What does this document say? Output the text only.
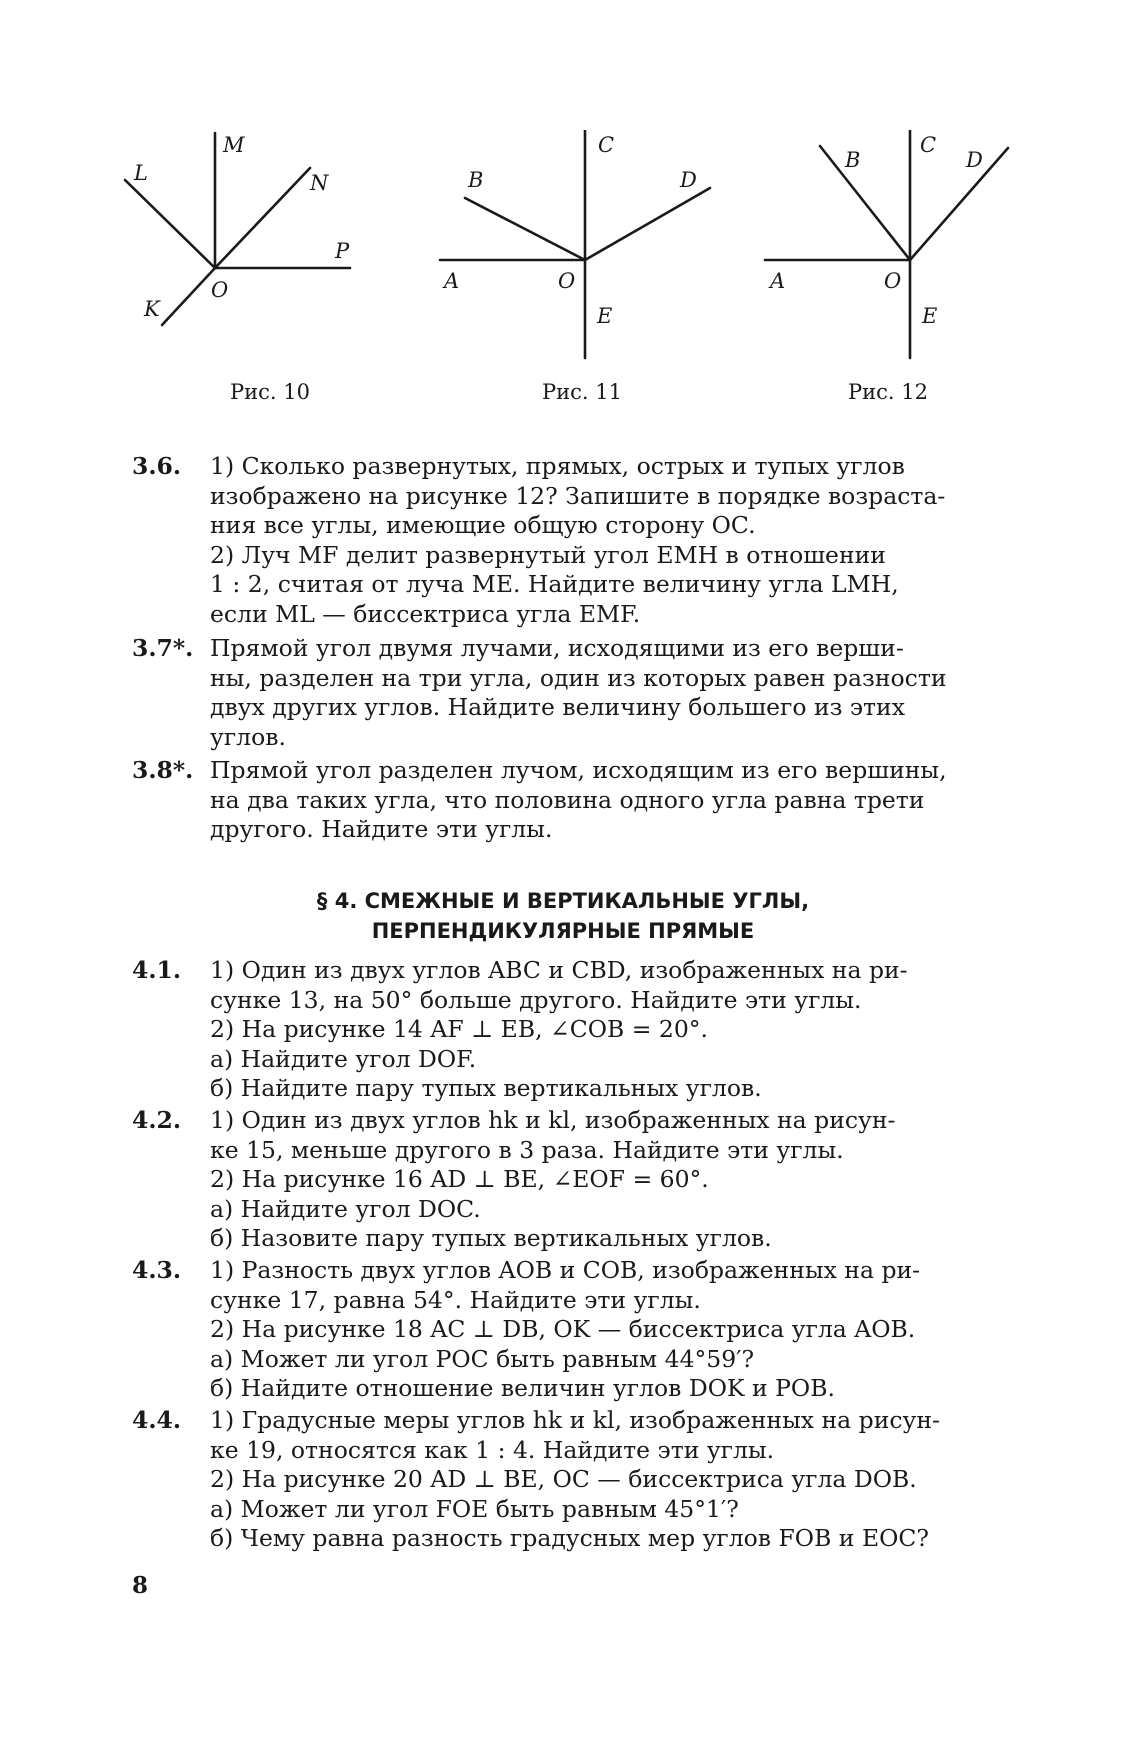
M
L	N
P
K
O
Рис. 10
C
B	D
A	O
E
Рис. 11
B
C
D
A	O
E
Рис. 12
3.6. 1) Сколько развернутых, прямых, острых и тупых углов
изображено на рисунке 12? Запишите в порядке возраста-
ния все углы, имеющие общую сторону OC.
2) Луч MF делит развернутый угол EMH в отношении
1 : 2, считая от луча ME. Найдите величину угла LMH,
если ML — биссектриса угла EMF.
3.7*. Прямой угол двумя лучами, исходящими из его верши-
ны, разделен на три угла, один из которых равен разности
двух других углов. Найдите величину большего из этих
углов.
3.8*. Прямой угол разделен лучом, исходящим из его вершины,
на два таких угла, что половина одного угла равна трети
другого. Найдите эти углы.
§ 4. СМЕЖНЫЕ И ВЕРТИКАЛЬНЫЕ УГЛЫ,
ПЕРПЕНДИКУЛЯРНЫЕ ПРЯМЫЕ
4.1. 1) Один из двух углов ABC и CBD, изображенных на ри-
сунке 13, на 50° больше другого. Найдите эти углы.
2) На рисунке 14 AF ⊥ EB, ∠COB = 20°.
а) Найдите угол DOF.
б) Найдите пару тупых вертикальных углов.
4.2. 1) Один из двух углов hk и kl, изображенных на рисун-
ке 15, меньше другого в 3 раза. Найдите эти углы.
2) На рисунке 16 AD ⊥ BE, ∠EOF = 60°.
а) Найдите угол DOC.
б) Назовите пару тупых вертикальных углов.
4.3. 1) Разность двух углов AOB и COB, изображенных на ри-
сунке 17, равна 54°. Найдите эти углы.
2) На рисунке 18 AC ⊥ DB, OK — биссектриса угла AOB.
а) Может ли угол POC быть равным 44°59′?
б) Найдите отношение величин углов DOK и POB.
4.4. 1) Градусные меры углов hk и kl, изображенных на рисун-
ке 19, относятся как 1 : 4. Найдите эти углы.
2) На рисунке 20 AD ⊥ BE, OC — биссектриса угла DOB.
а) Может ли угол FOE быть равным 45°1′?
б) Чему равна разность градусных мер углов FOB и EOC?
8
